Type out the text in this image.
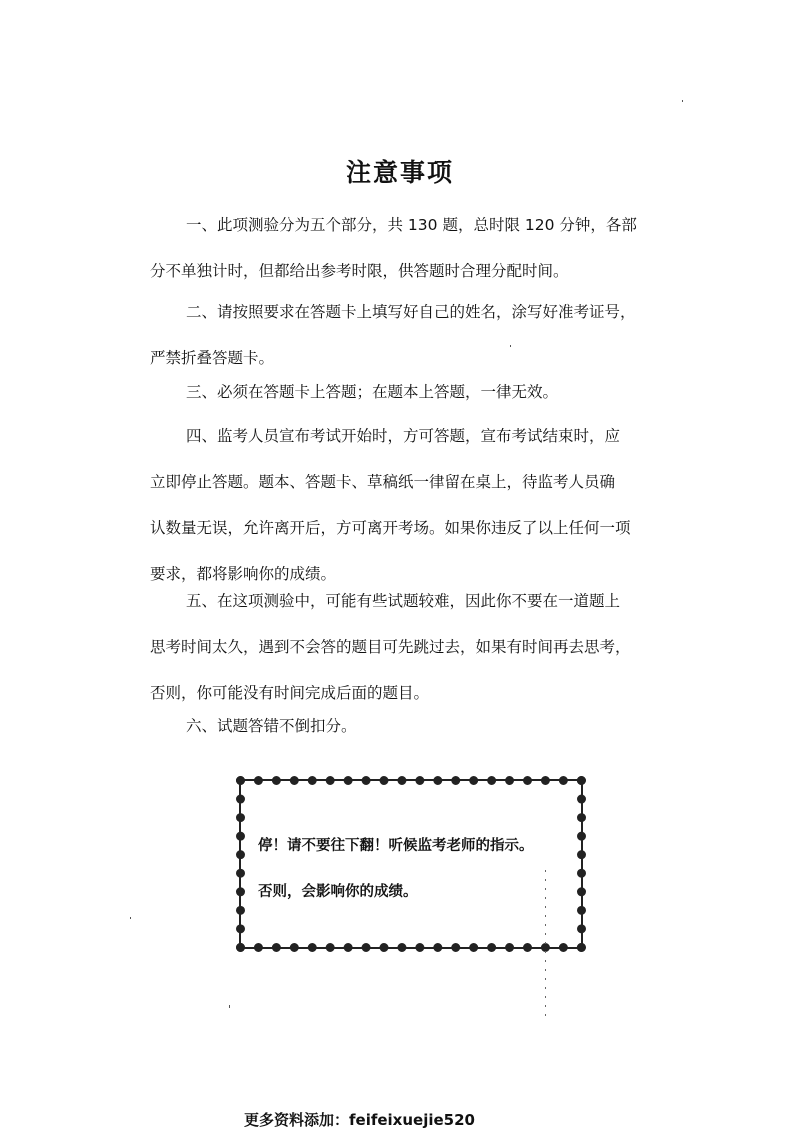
注意事项
一、此项测验分为五个部分，共 130 题，总时限 120 分钟，各部
分不单独计时，但都给出参考时限，供答题时合理分配时间。
二、请按照要求在答题卡上填写好自己的姓名，涂写好准考证号，
严禁折叠答题卡。
三、必须在答题卡上答题；在题本上答题，一律无效。
四、监考人员宣布考试开始时，方可答题，宣布考试结束时，应
立即停止答题。题本、答题卡、草稿纸一律留在桌上，待监考人员确
认数量无误，允许离开后，方可离开考场。如果你违反了以上任何一项
要求，都将影响你的成绩。
五、在这项测验中，可能有些试题较难，因此你不要在一道题上
思考时间太久，遇到不会答的题目可先跳过去，如果有时间再去思考，
否则，你可能没有时间完成后面的题目。
六、试题答错不倒扣分。
停！请不要往下翻！听候监考老师的指示。
否则，会影响你的成绩。
更多资料添加：feifeixuejie520
